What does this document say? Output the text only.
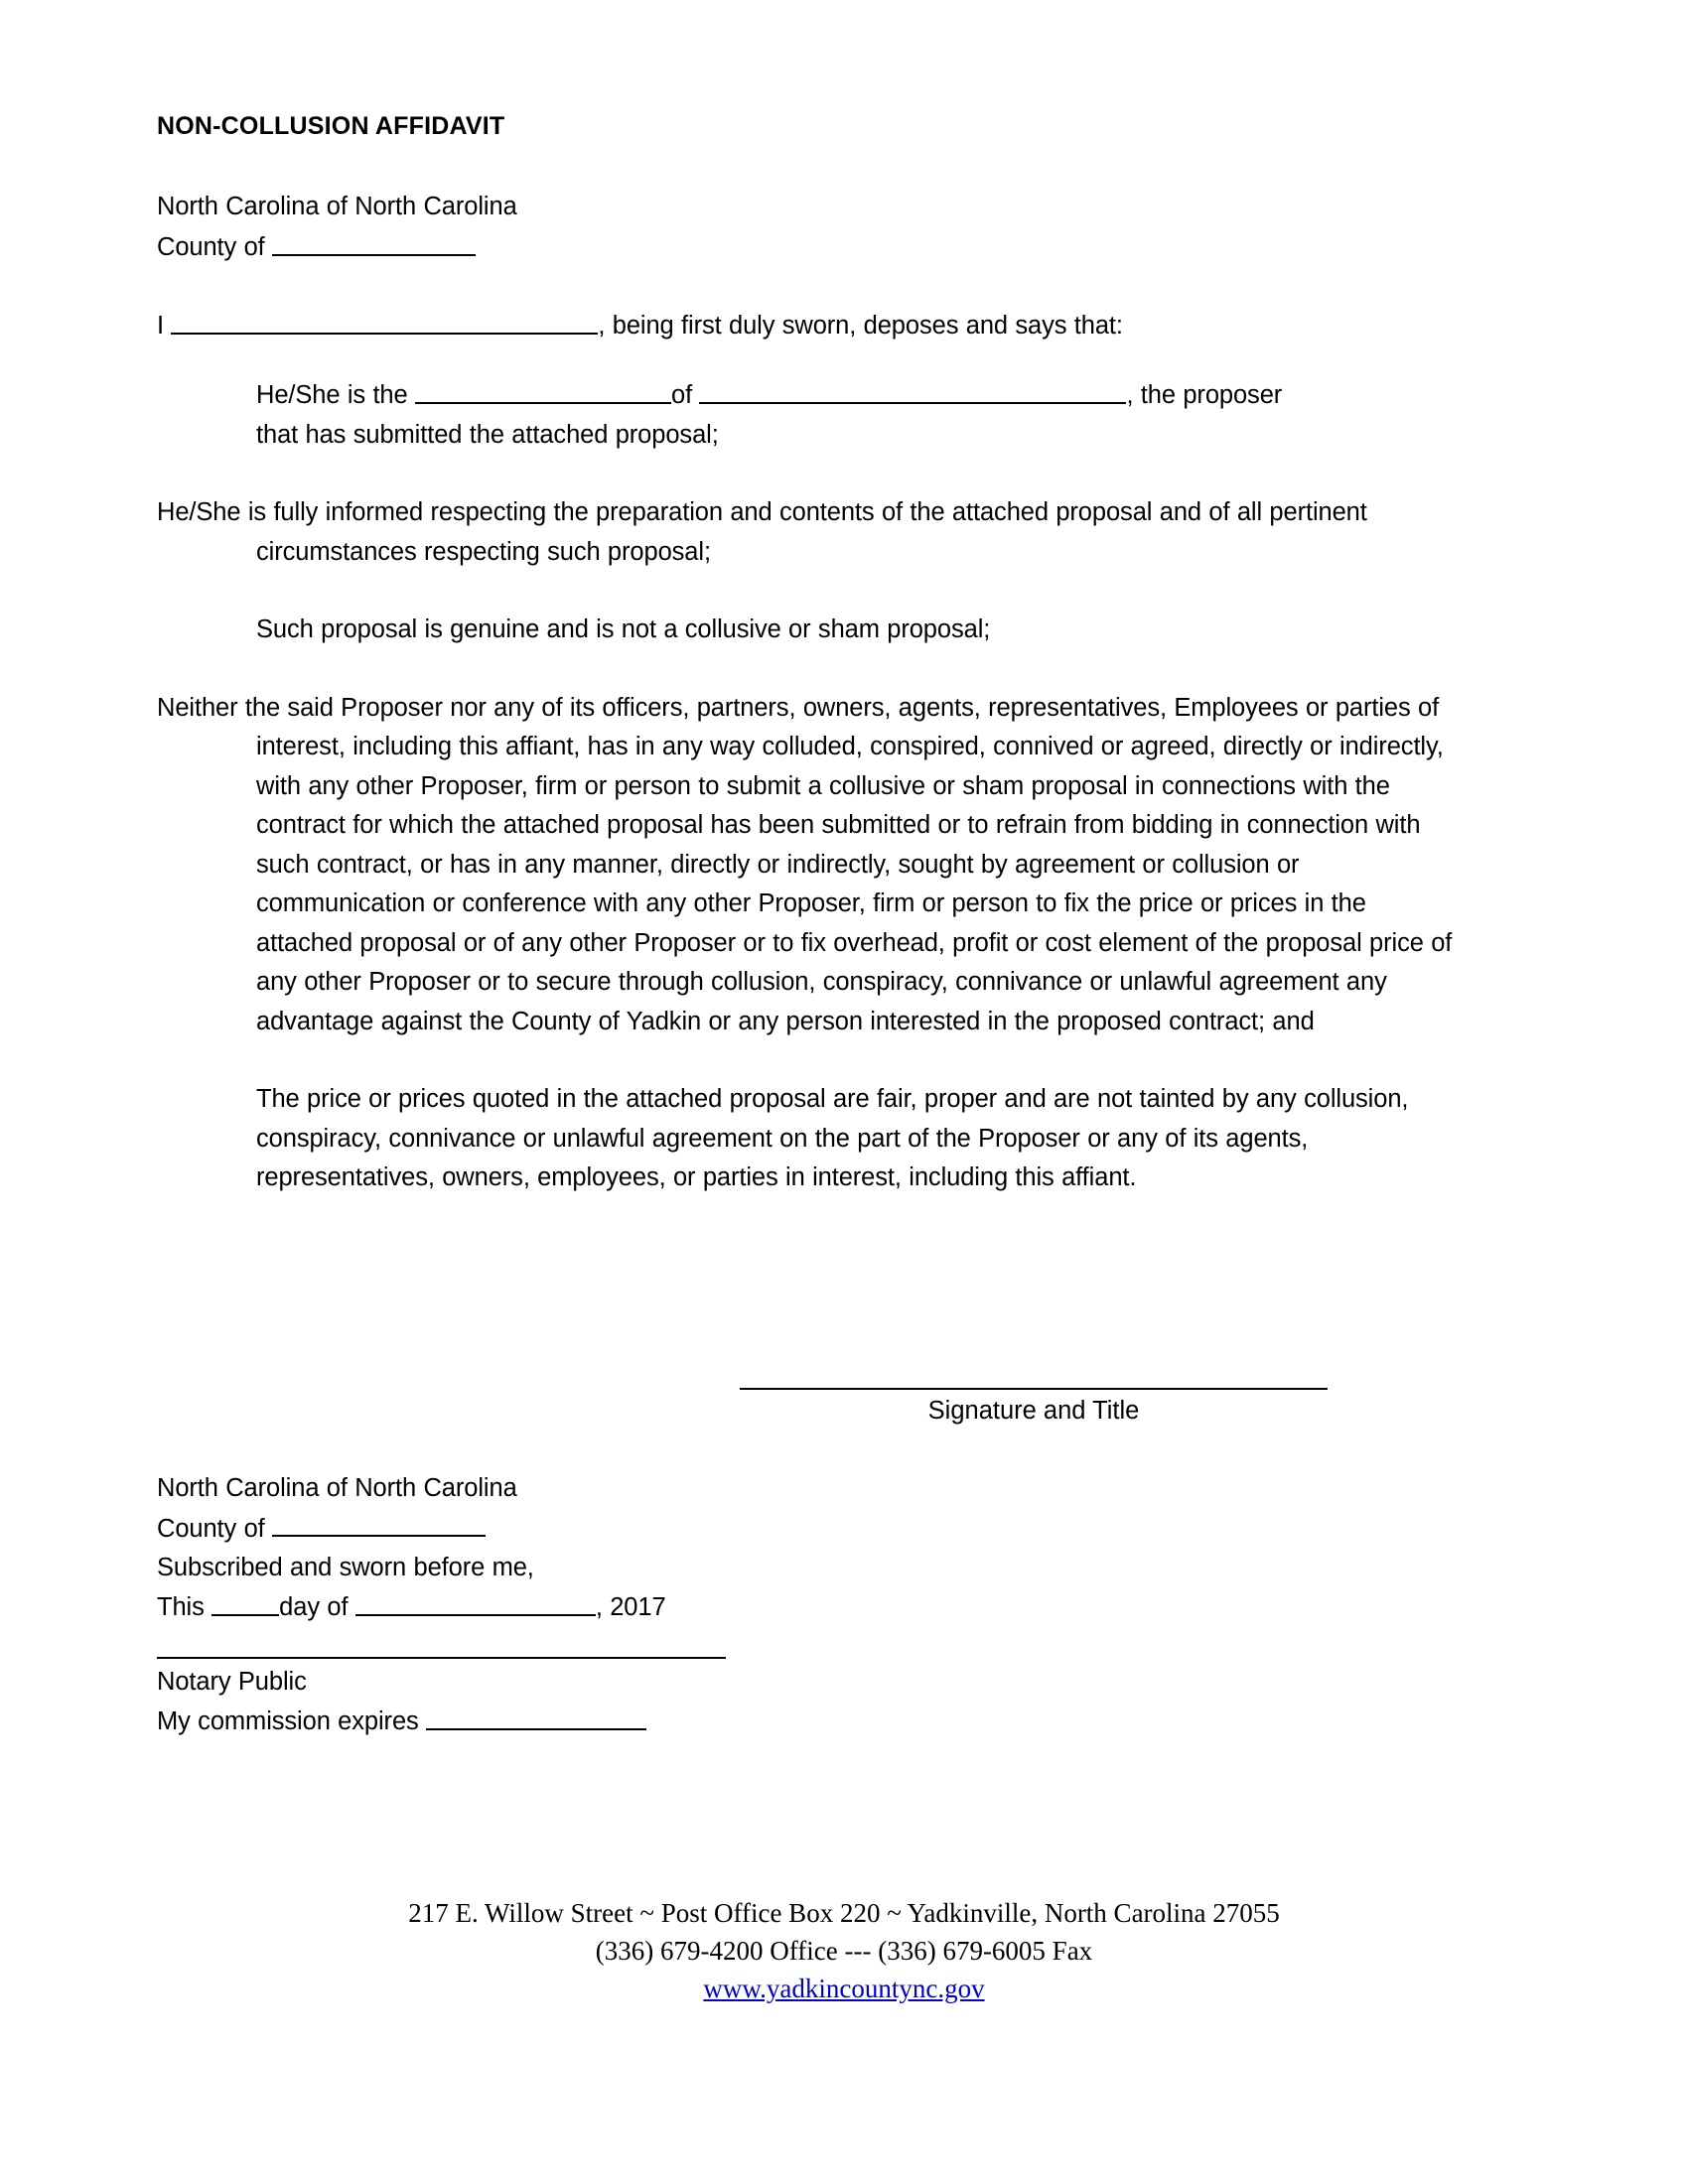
NON-COLLUSION AFFIDAVIT
North Carolina of North Carolina
County of
I	, being first duly sworn, deposes and says that:
He/She is the	of	, the proposer
that has submitted the attached proposal;
He/She is fully informed respecting the preparation and contents of the attached proposal and of all pertinent circumstances respecting such proposal;
Such proposal is genuine and is not a collusive or sham proposal;
Neither the said Proposer nor any of its officers, partners, owners, agents, representatives, Employees or parties of interest, including this affiant, has in any way colluded, conspired, connived or agreed, directly or indirectly, with any other Proposer, firm or person to submit a collusive or sham proposal in connections with the contract for which the attached proposal has been submitted or to refrain from bidding in connection with such contract, or has in any manner, directly or indirectly, sought by agreement or collusion or communication or conference with any other Proposer, firm or person to fix the price or prices in the attached proposal or of any other Proposer or to fix overhead, profit or cost element of the proposal price of any other Proposer or to secure through collusion, conspiracy, connivance or unlawful agreement any advantage against the County of Yadkin or any person interested in the proposed contract; and
The price or prices quoted in the attached proposal are fair, proper and are not tainted by any collusion, conspiracy, connivance or unlawful agreement on the part of the Proposer or any of its agents, representatives, owners, employees, or parties in interest, including this affiant.
Signature and Title
North Carolina of North Carolina
County of
Subscribed and sworn before me,
This	day of	, 2017
Notary Public
My commission expires
217 E. Willow Street ~ Post Office Box 220 ~ Yadkinville, North Carolina 27055
(336) 679-4200 Office --- (336) 679-6005 Fax
www.yadkincountync.gov
